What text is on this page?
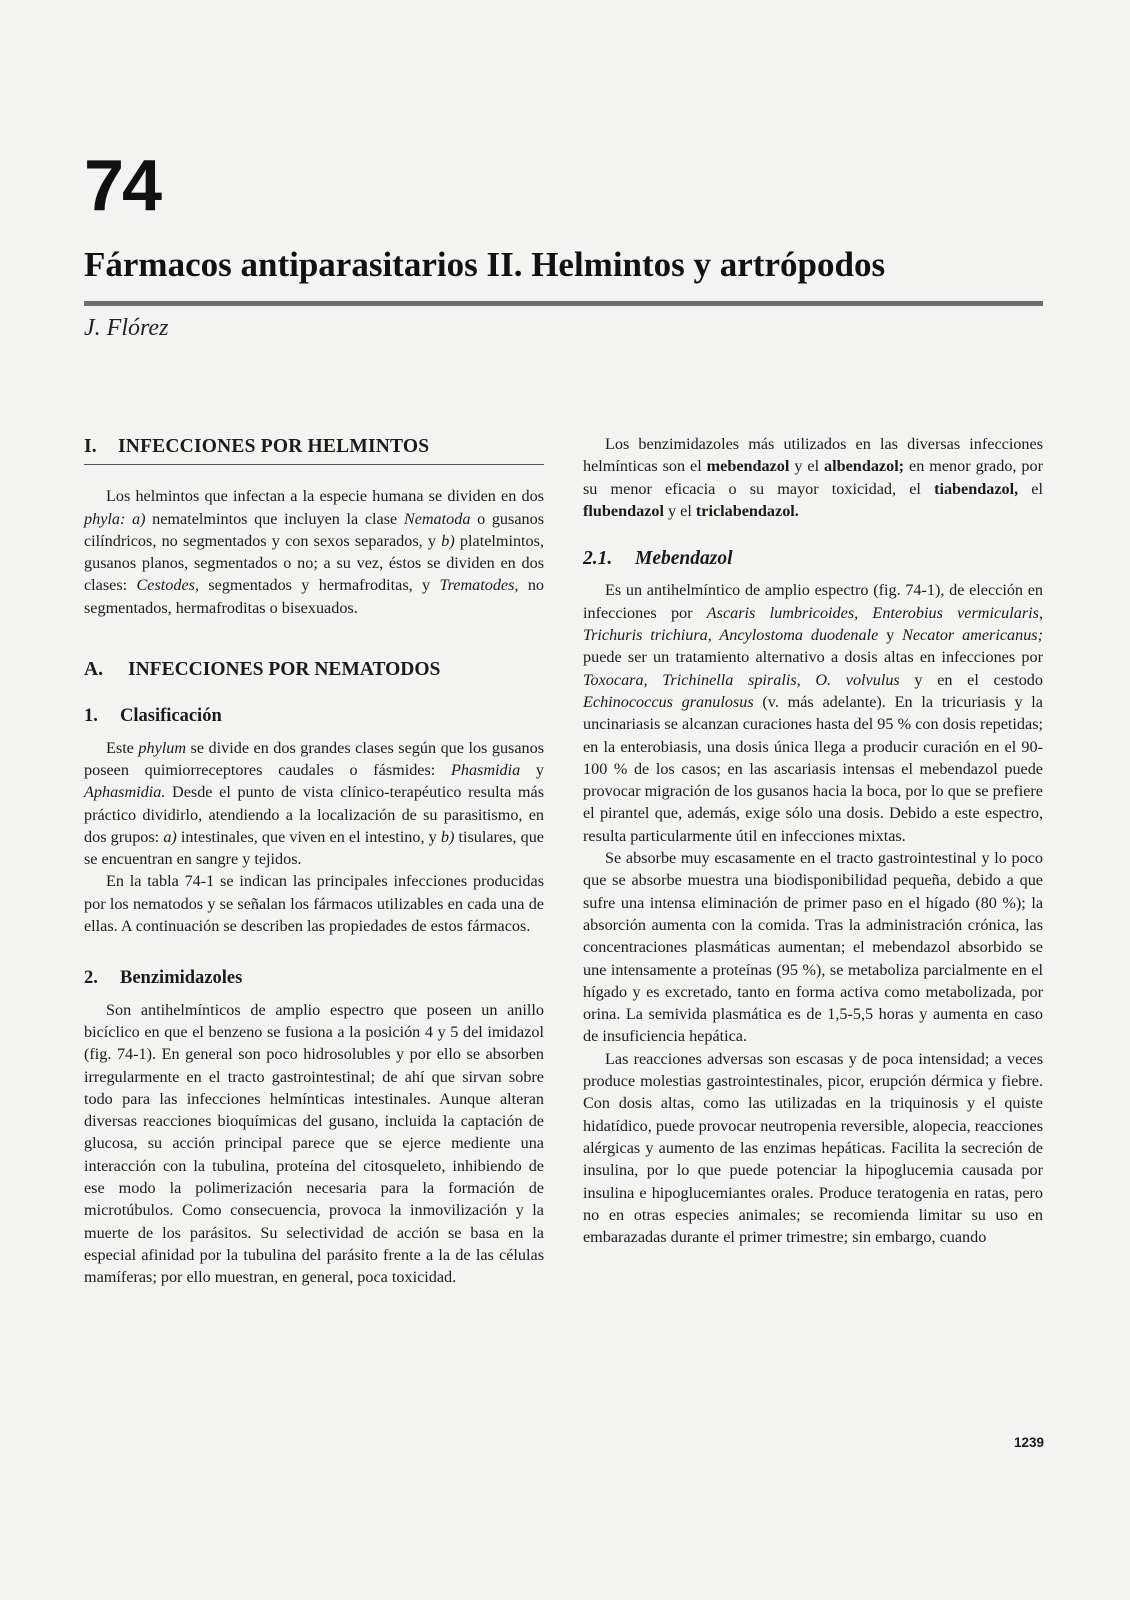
74
Fármacos antiparasitarios II. Helmintos y artrópodos
J. Flórez
I. INFECCIONES POR HELMINTOS

Los helmintos que infectan a la especie humana se dividen en dos phyla: a) nematelmintos que incluyen la clase Nematoda o gusanos cilíndricos, no segmentados y con sexos separados, y b) platelmintos, gusanos planos, segmentados o no; a su vez, éstos se dividen en dos clases: Cestodes, segmentados y hermafroditas, y Trematodes, no segmentados, hermafroditas o bisexuados.

A. INFECCIONES POR NEMATODOS
1. Clasificación

Este phylum se divide en dos grandes clases según que los gusanos poseen quimiorreceptores caudales o fásmides: Phasmidia y Aphasmidia. Desde el punto de vista clínico-terapéutico resulta más práctico dividirlo, atendiendo a la localización de su parasitismo, en dos grupos: a) intestinales, que viven en el intestino, y b) tisulares, que se encuentran en sangre y tejidos.

En la tabla 74-1 se indican las principales infecciones producidas por los nematodos y se señalan los fármacos utilizables en cada una de ellas. A continuación se describen las propiedades de estos fármacos.

2. Benzimidazoles

Son antihelmínticos de amplio espectro que poseen un anillo bicíclico en que el benzeno se fusiona a la posición 4 y 5 del imidazol (fig. 74-1). En general son poco hidrosolubles y por ello se absorben irregularmente en el tracto gastrointestinal; de ahí que sirvan sobre todo para las infecciones helmínticas intestinales. Aunque alteran diversas reacciones bioquímicas del gusano, incluida la captación de glucosa, su acción principal parece que se ejerce mediente una interacción con la tubulina, proteína del citosqueleto, inhibiendo de ese modo la polimerización necesaria para la formación de microtúbulos. Como consecuencia, provoca la inmovilización y la muerte de los parásitos. Su selectividad de acción se basa en la especial afinidad por la tubulina del parásito frente a la de las células mamíferas; por ello muestran, en general, poca toxicidad.

Los benzimidazoles más utilizados en las diversas infecciones helmínticas son el mebendazol y el albendazol; en menor grado, por su menor eficacia o su mayor toxicidad, el tiabendazol, el flubendazol y el triclabendazol.

2.1. Mebendazol

Es un antihelmíntico de amplio espectro (fig. 74-1), de elección en infecciones por Ascaris lumbricoides, Enterobius vermicularis, Trichuris trichiura, Ancylostoma duodenale y Necator americanus; puede ser un tratamiento alternativo a dosis altas en infecciones por Toxocara, Trichinella spiralis, O. volvulus y en el cestodo Echinococcus granulosus (v. más adelante). En la tricuriasis y la uncinariasis se alcanzan curaciones hasta del 95 % con dosis repetidas; en la enterobiasis, una dosis única llega a producir curación en el 90-100 % de los casos; en las ascariasis intensas el mebendazol puede provocar migración de los gusanos hacia la boca, por lo que se prefiere el pirantel que, además, exige sólo una dosis. Debido a este espectro, resulta particularmente útil en infecciones mixtas.

Se absorbe muy escasamente en el tracto gastrointestinal y lo poco que se absorbe muestra una biodisponibilidad pequeña, debido a que sufre una intensa eliminación de primer paso en el hígado (80 %); la absorción aumenta con la comida. Tras la administración crónica, las concentraciones plasmáticas aumentan; el mebendazol absorbido se une intensamente a proteínas (95 %), se metaboliza parcialmente en el hígado y es excretado, tanto en forma activa como metabolizada, por orina. La semivida plasmática es de 1,5-5,5 horas y aumenta en caso de insuficiencia hepática.

Las reacciones adversas son escasas y de poca intensidad; a veces produce molestias gastrointestinales, picor, erupción dérmica y fiebre. Con dosis altas, como las utilizadas en la triquinosis y el quiste hidatídico, puede provocar neutropenia reversible, alopecia, reacciones alérgicas y aumento de las enzimas hepáticas. Facilita la secreción de insulina, por lo que puede potenciar la hipoglucemia causada por insulina e hipoglucemiantes orales. Produce teratogenia en ratas, pero no en otras especies animales; se recomienda limitar su uso en embarazadas durante el primer trimestre; sin embargo, cuando

1239
